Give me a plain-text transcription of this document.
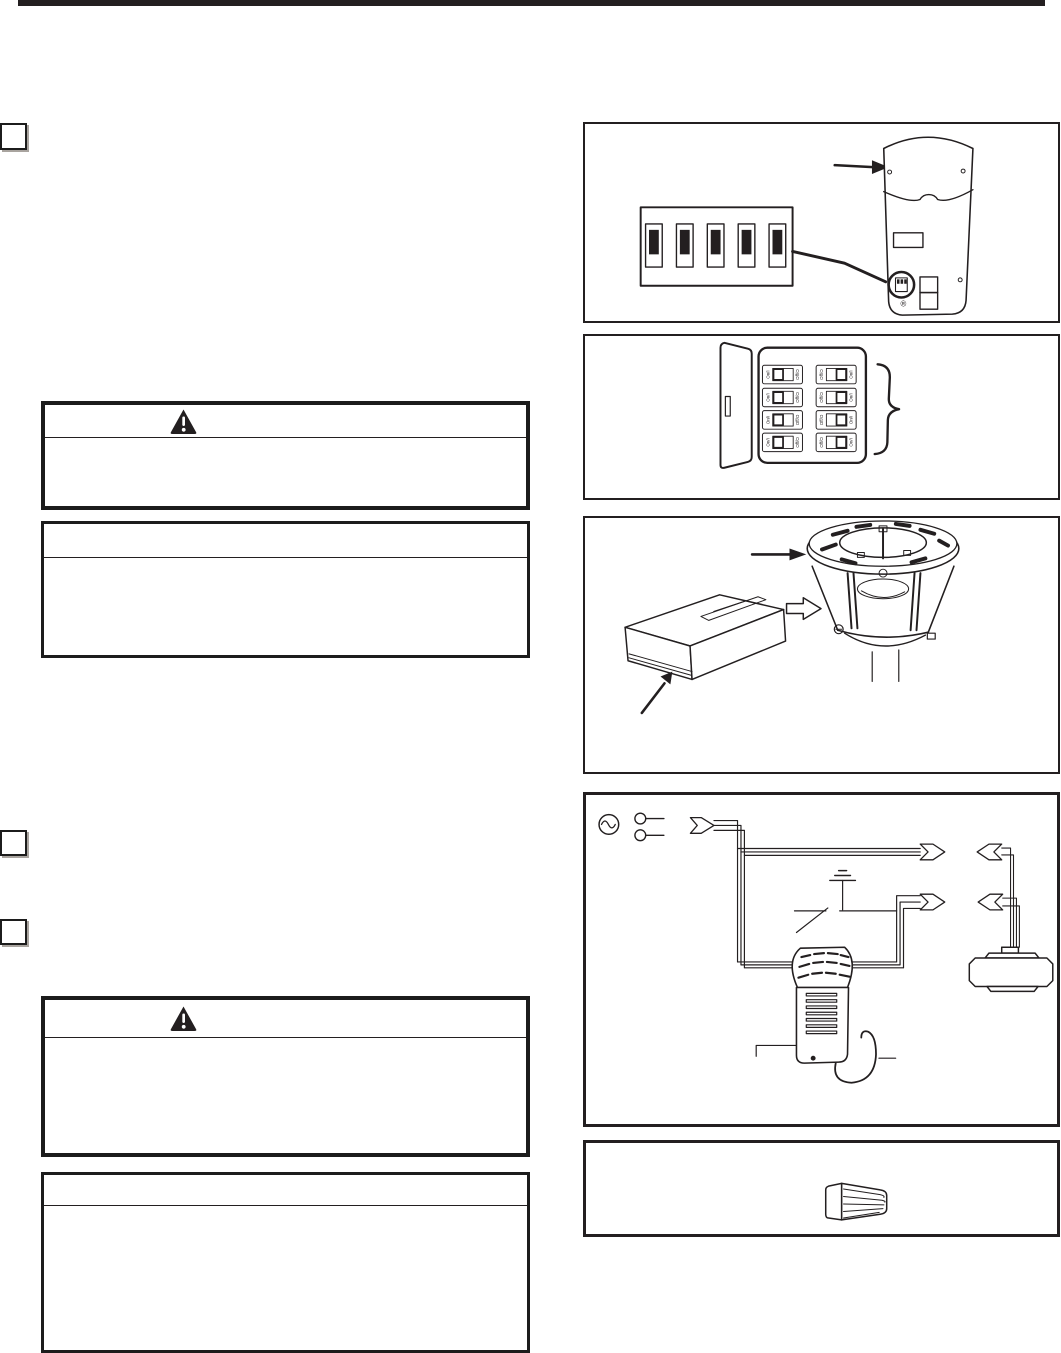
®
On/I	Off/O
On/I	Off/O
On/I	Off/O
On/I	Off/O
Off/O	On/I
Off/O	On/I
Off/O	On/I
Off/O	On/I
